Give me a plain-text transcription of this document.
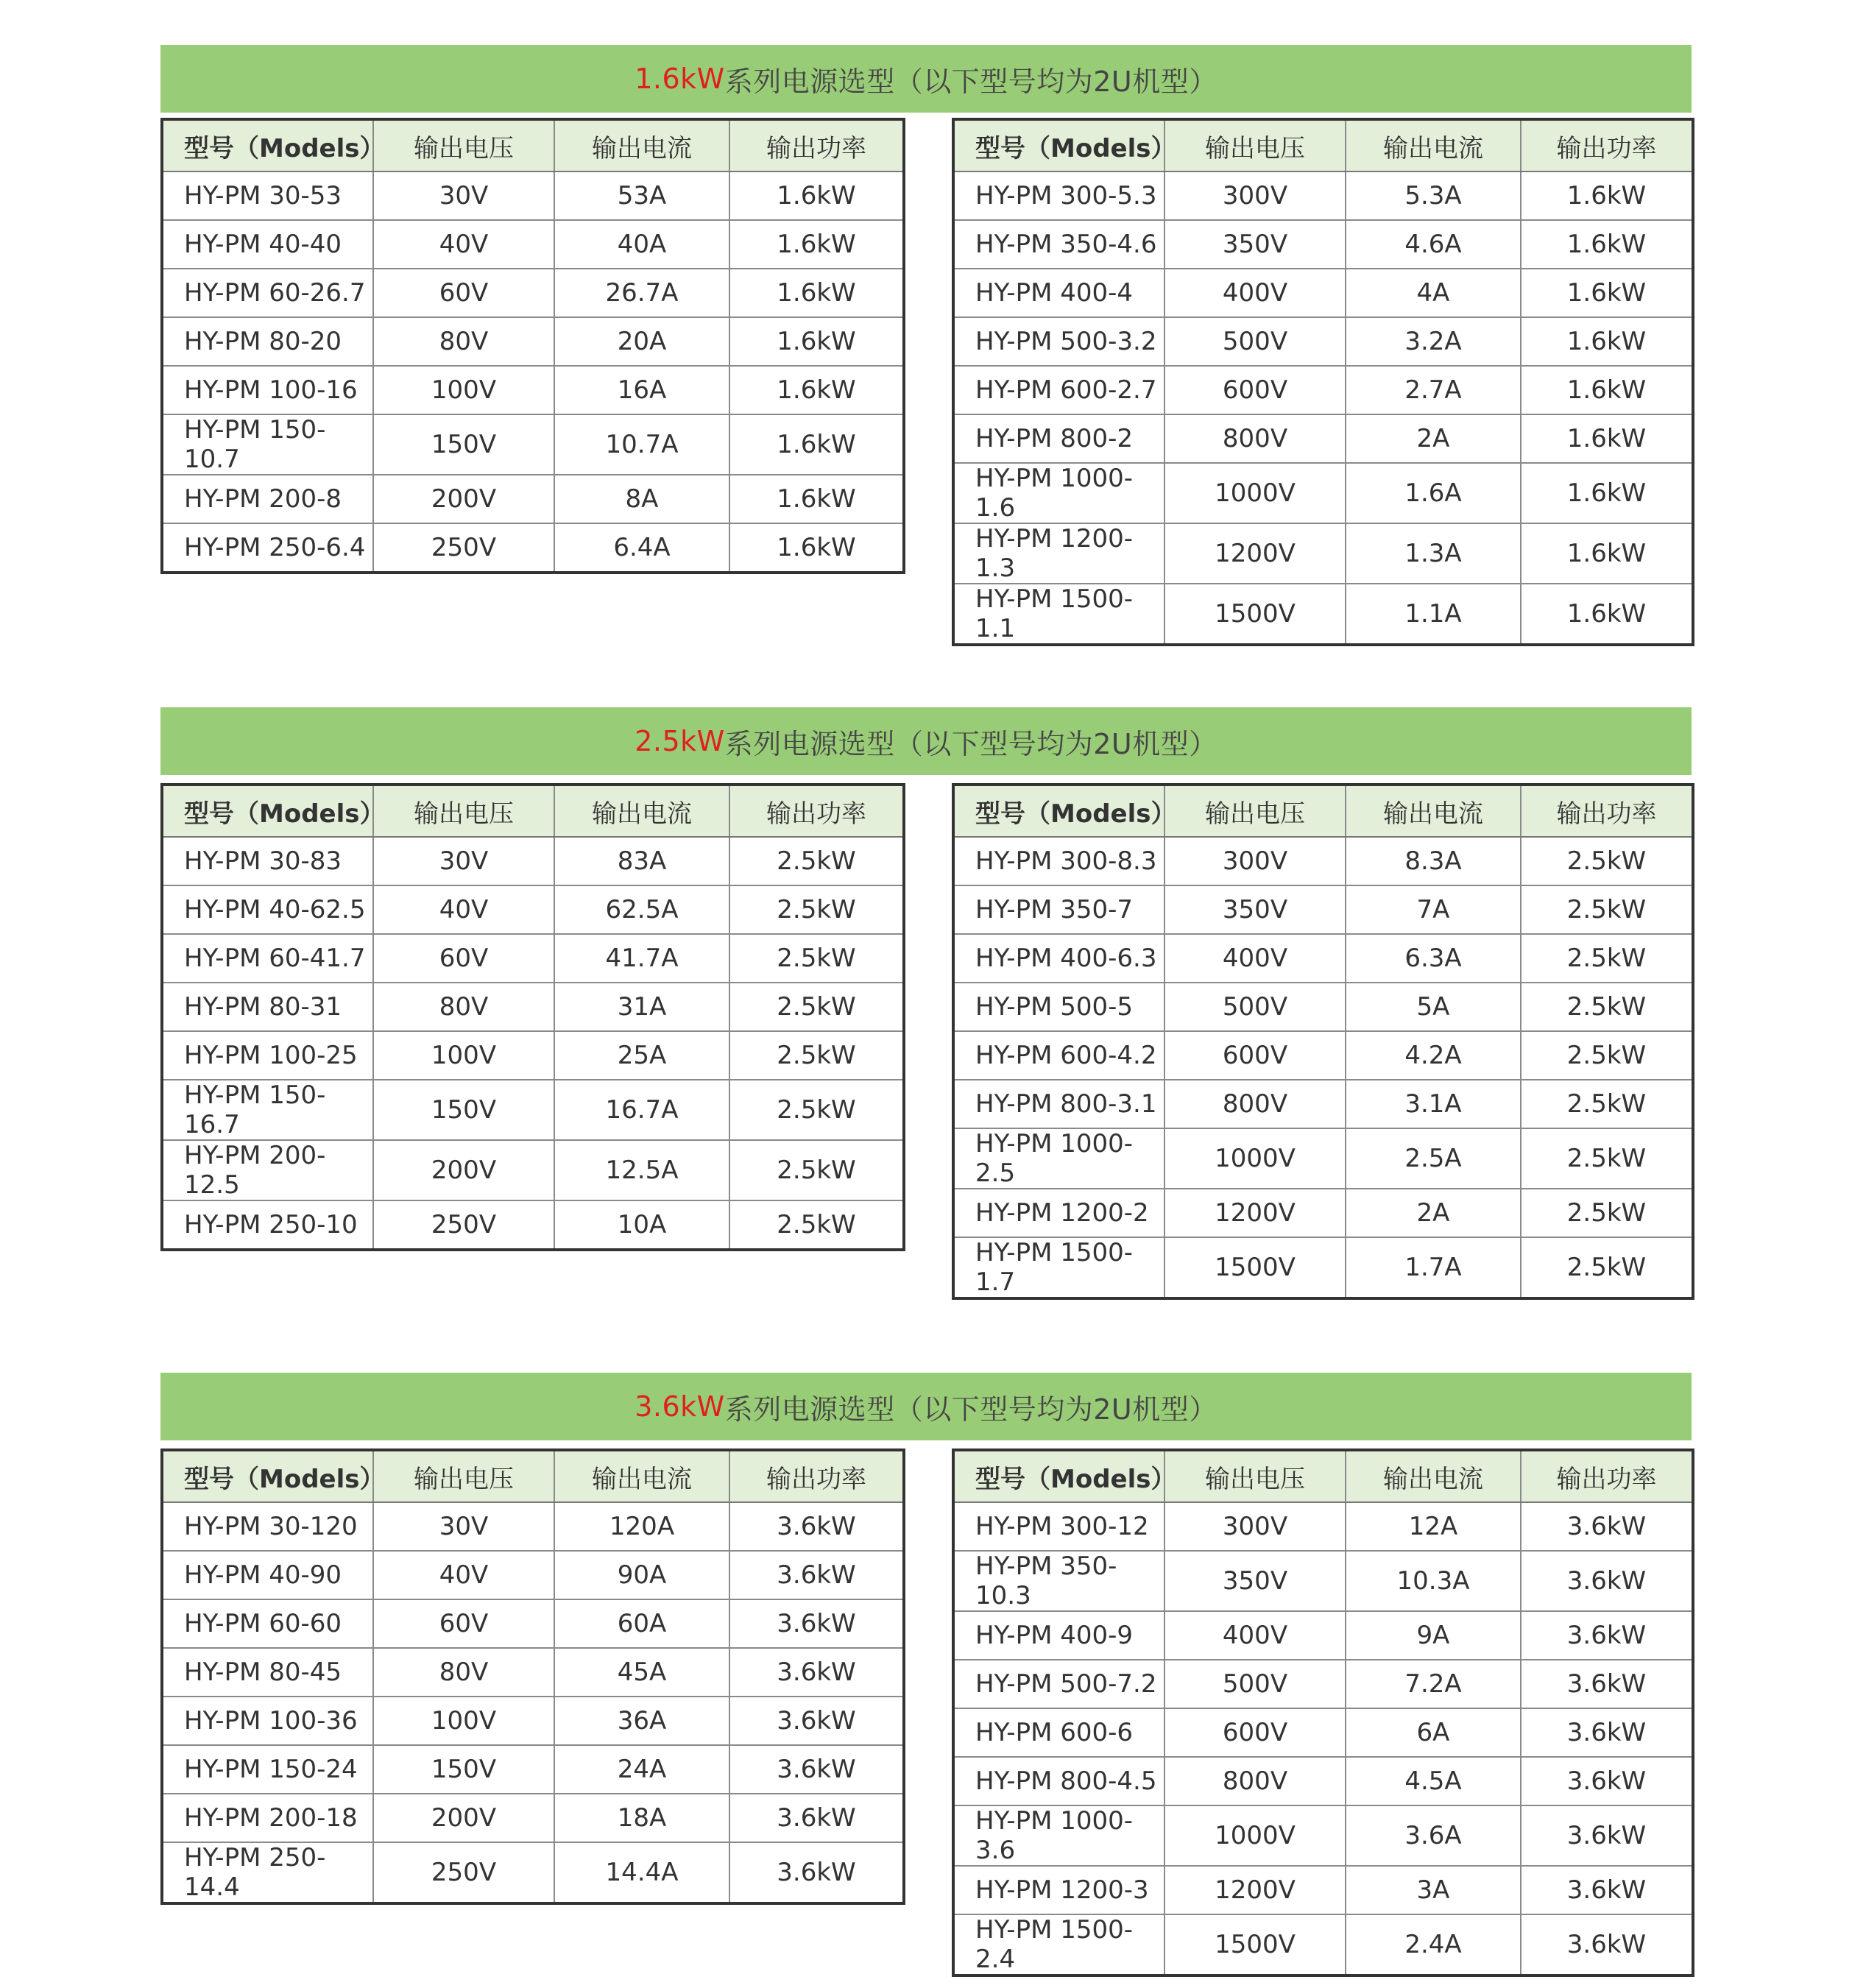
1.6kW 系列电源选型（以下型号均为2U机型）
型号（Models）	输出电压	输出电流	输出功率
HY-PM 30-53	30V	53A	1.6kW
HY-PM 40-40	40V	40A	1.6kW
HY-PM 60-26.7	60V	26.7A	1.6kW
HY-PM 80-20	80V	20A	1.6kW
HY-PM 100-16	100V	16A	1.6kW
HY-PM 150-10.7	150V	10.7A	1.6kW
HY-PM 200-8	200V	8A	1.6kW
HY-PM 250-6.4	250V	6.4A	1.6kW
型号（Models）	输出电压	输出电流	输出功率
HY-PM 300-5.3	300V	5.3A	1.6kW
HY-PM 350-4.6	350V	4.6A	1.6kW
HY-PM 400-4	400V	4A	1.6kW
HY-PM 500-3.2	500V	3.2A	1.6kW
HY-PM 600-2.7	600V	2.7A	1.6kW
HY-PM 800-2	800V	2A	1.6kW
HY-PM 1000-1.6	1000V	1.6A	1.6kW
HY-PM 1200-1.3	1200V	1.3A	1.6kW
HY-PM 1500-1.1	1500V	1.1A	1.6kW
2.5kW 系列电源选型（以下型号均为2U机型）
型号（Models）	输出电压	输出电流	输出功率
HY-PM 30-83	30V	83A	2.5kW
HY-PM 40-62.5	40V	62.5A	2.5kW
HY-PM 60-41.7	60V	41.7A	2.5kW
HY-PM 80-31	80V	31A	2.5kW
HY-PM 100-25	100V	25A	2.5kW
HY-PM 150-16.7	150V	16.7A	2.5kW
HY-PM 200-12.5	200V	12.5A	2.5kW
HY-PM 250-10	250V	10A	2.5kW
型号（Models）	输出电压	输出电流	输出功率
HY-PM 300-8.3	300V	8.3A	2.5kW
HY-PM 350-7	350V	7A	2.5kW
HY-PM 400-6.3	400V	6.3A	2.5kW
HY-PM 500-5	500V	5A	2.5kW
HY-PM 600-4.2	600V	4.2A	2.5kW
HY-PM 800-3.1	800V	3.1A	2.5kW
HY-PM 1000-2.5	1000V	2.5A	2.5kW
HY-PM 1200-2	1200V	2A	2.5kW
HY-PM 1500-1.7	1500V	1.7A	2.5kW
3.6kW 系列电源选型（以下型号均为2U机型）
型号（Models）	输出电压	输出电流	输出功率
HY-PM 30-120	30V	120A	3.6kW
HY-PM 40-90	40V	90A	3.6kW
HY-PM 60-60	60V	60A	3.6kW
HY-PM 80-45	80V	45A	3.6kW
HY-PM 100-36	100V	36A	3.6kW
HY-PM 150-24	150V	24A	3.6kW
HY-PM 200-18	200V	18A	3.6kW
HY-PM 250-14.4	250V	14.4A	3.6kW
型号（Models）	输出电压	输出电流	输出功率
HY-PM 300-12	300V	12A	3.6kW
HY-PM 350-10.3	350V	10.3A	3.6kW
HY-PM 400-9	400V	9A	3.6kW
HY-PM 500-7.2	500V	7.2A	3.6kW
HY-PM 600-6	600V	6A	3.6kW
HY-PM 800-4.5	800V	4.5A	3.6kW
HY-PM 1000-3.6	1000V	3.6A	3.6kW
HY-PM 1200-3	1200V	3A	3.6kW
HY-PM 1500-2.4	1500V	2.4A	3.6kW
